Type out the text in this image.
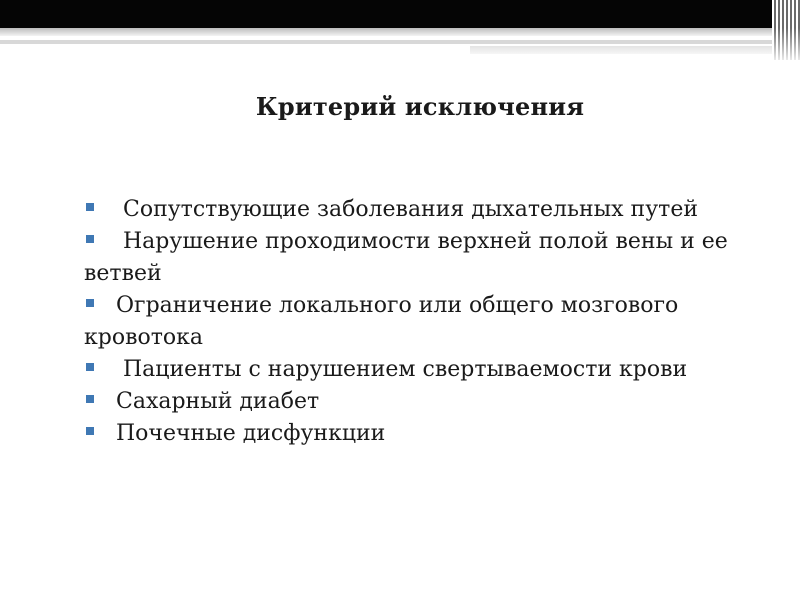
Критерий исключения
Сопутствующие заболевания дыхательных путей
Нарушение проходимости верхней полой вены и ее ветвей
Ограничение локального или общего мозгового кровотока
Пациенты с нарушением свертываемости крови
Сахарный диабет
Почечные дисфункции
